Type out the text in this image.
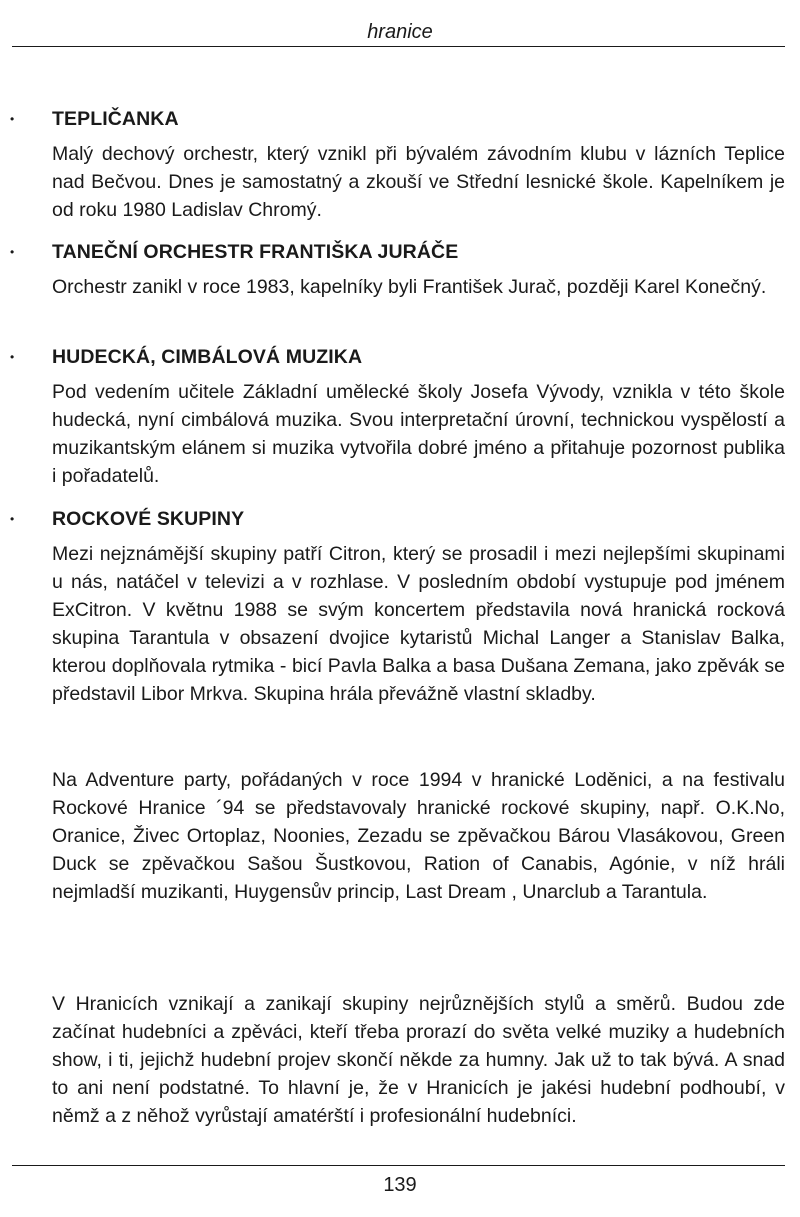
hranice
• TEPLIČANKA

Malý dechový orchestr, který vznikl při bývalém závodním klubu v lázních Teplice nad Bečvou. Dnes je samostatný a zkouší ve Střední lesnické škole. Kapelníkem je od roku 1980 Ladislav Chromý.

• TANEČNÍ ORCHESTR FRANTIŠKA JURÁČE

Orchestr zanikl v roce 1983, kapelníky byli František Jurač, později Karel Konečný.

• HUDECKÁ, CIMBÁLOVÁ MUZIKA

Pod vedením učitele Základní umělecké školy Josefa Vývody, vznikla v této škole hudecká, nyní cimbálová muzika. Svou interpretační úrovní, technickou vyspělostí a muzikantským elánem si muzika vytvořila dobré jméno a přitahuje pozornost publika i pořadatelů.

• ROCKOVÉ SKUPINY

Mezi nejznámější skupiny patří Citron, který se prosadil i mezi nejlepšími skupinami u nás, natáčel v televizi a v rozhlase. V posledním období vystupuje pod jménem ExCitron. V květnu 1988 se svým koncertem představila nová hranická rocková skupina Tarantula v obsazení dvojice kytaristů Michal Langer a Stanislav Balka, kterou doplňovala rytmika - bicí Pavla Balka a basa Dušana Zemana, jako zpěvák se představil Libor Mrkva. Skupina hrála převážně vlastní skladby.

Na Adventure party, pořádaných v roce 1994 v hranické Loděnici, a na festivalu Rockové Hranice ´94 se představovaly hranické rockové skupiny, např. O.K.No, Oranice, Živec Ortoplaz, Noonies, Zezadu se zpěvačkou Bárou Vlasákovou, Green Duck se zpěvačkou Sašou Šustkovou, Ration of Canabis, Agónie, v níž hráli nejmladší muzikanti, Huygensův princip, Last Dream , Unarclub a Tarantula.

V Hranicích vznikají a zanikají skupiny nejrůznějších stylů a směrů. Budou zde začínat hudebníci a zpěváci, kteří třeba prorazí do světa velké muziky a hudebních show, i ti, jejichž hudební projev skončí někde za humny. Jak už to tak bývá. A snad to ani není podstatné. To hlavní je, že v Hranicích je jakési hudební podhoubí, v němž a z něhož vyrůstají amatérští i profesionální hudebníci.

139
